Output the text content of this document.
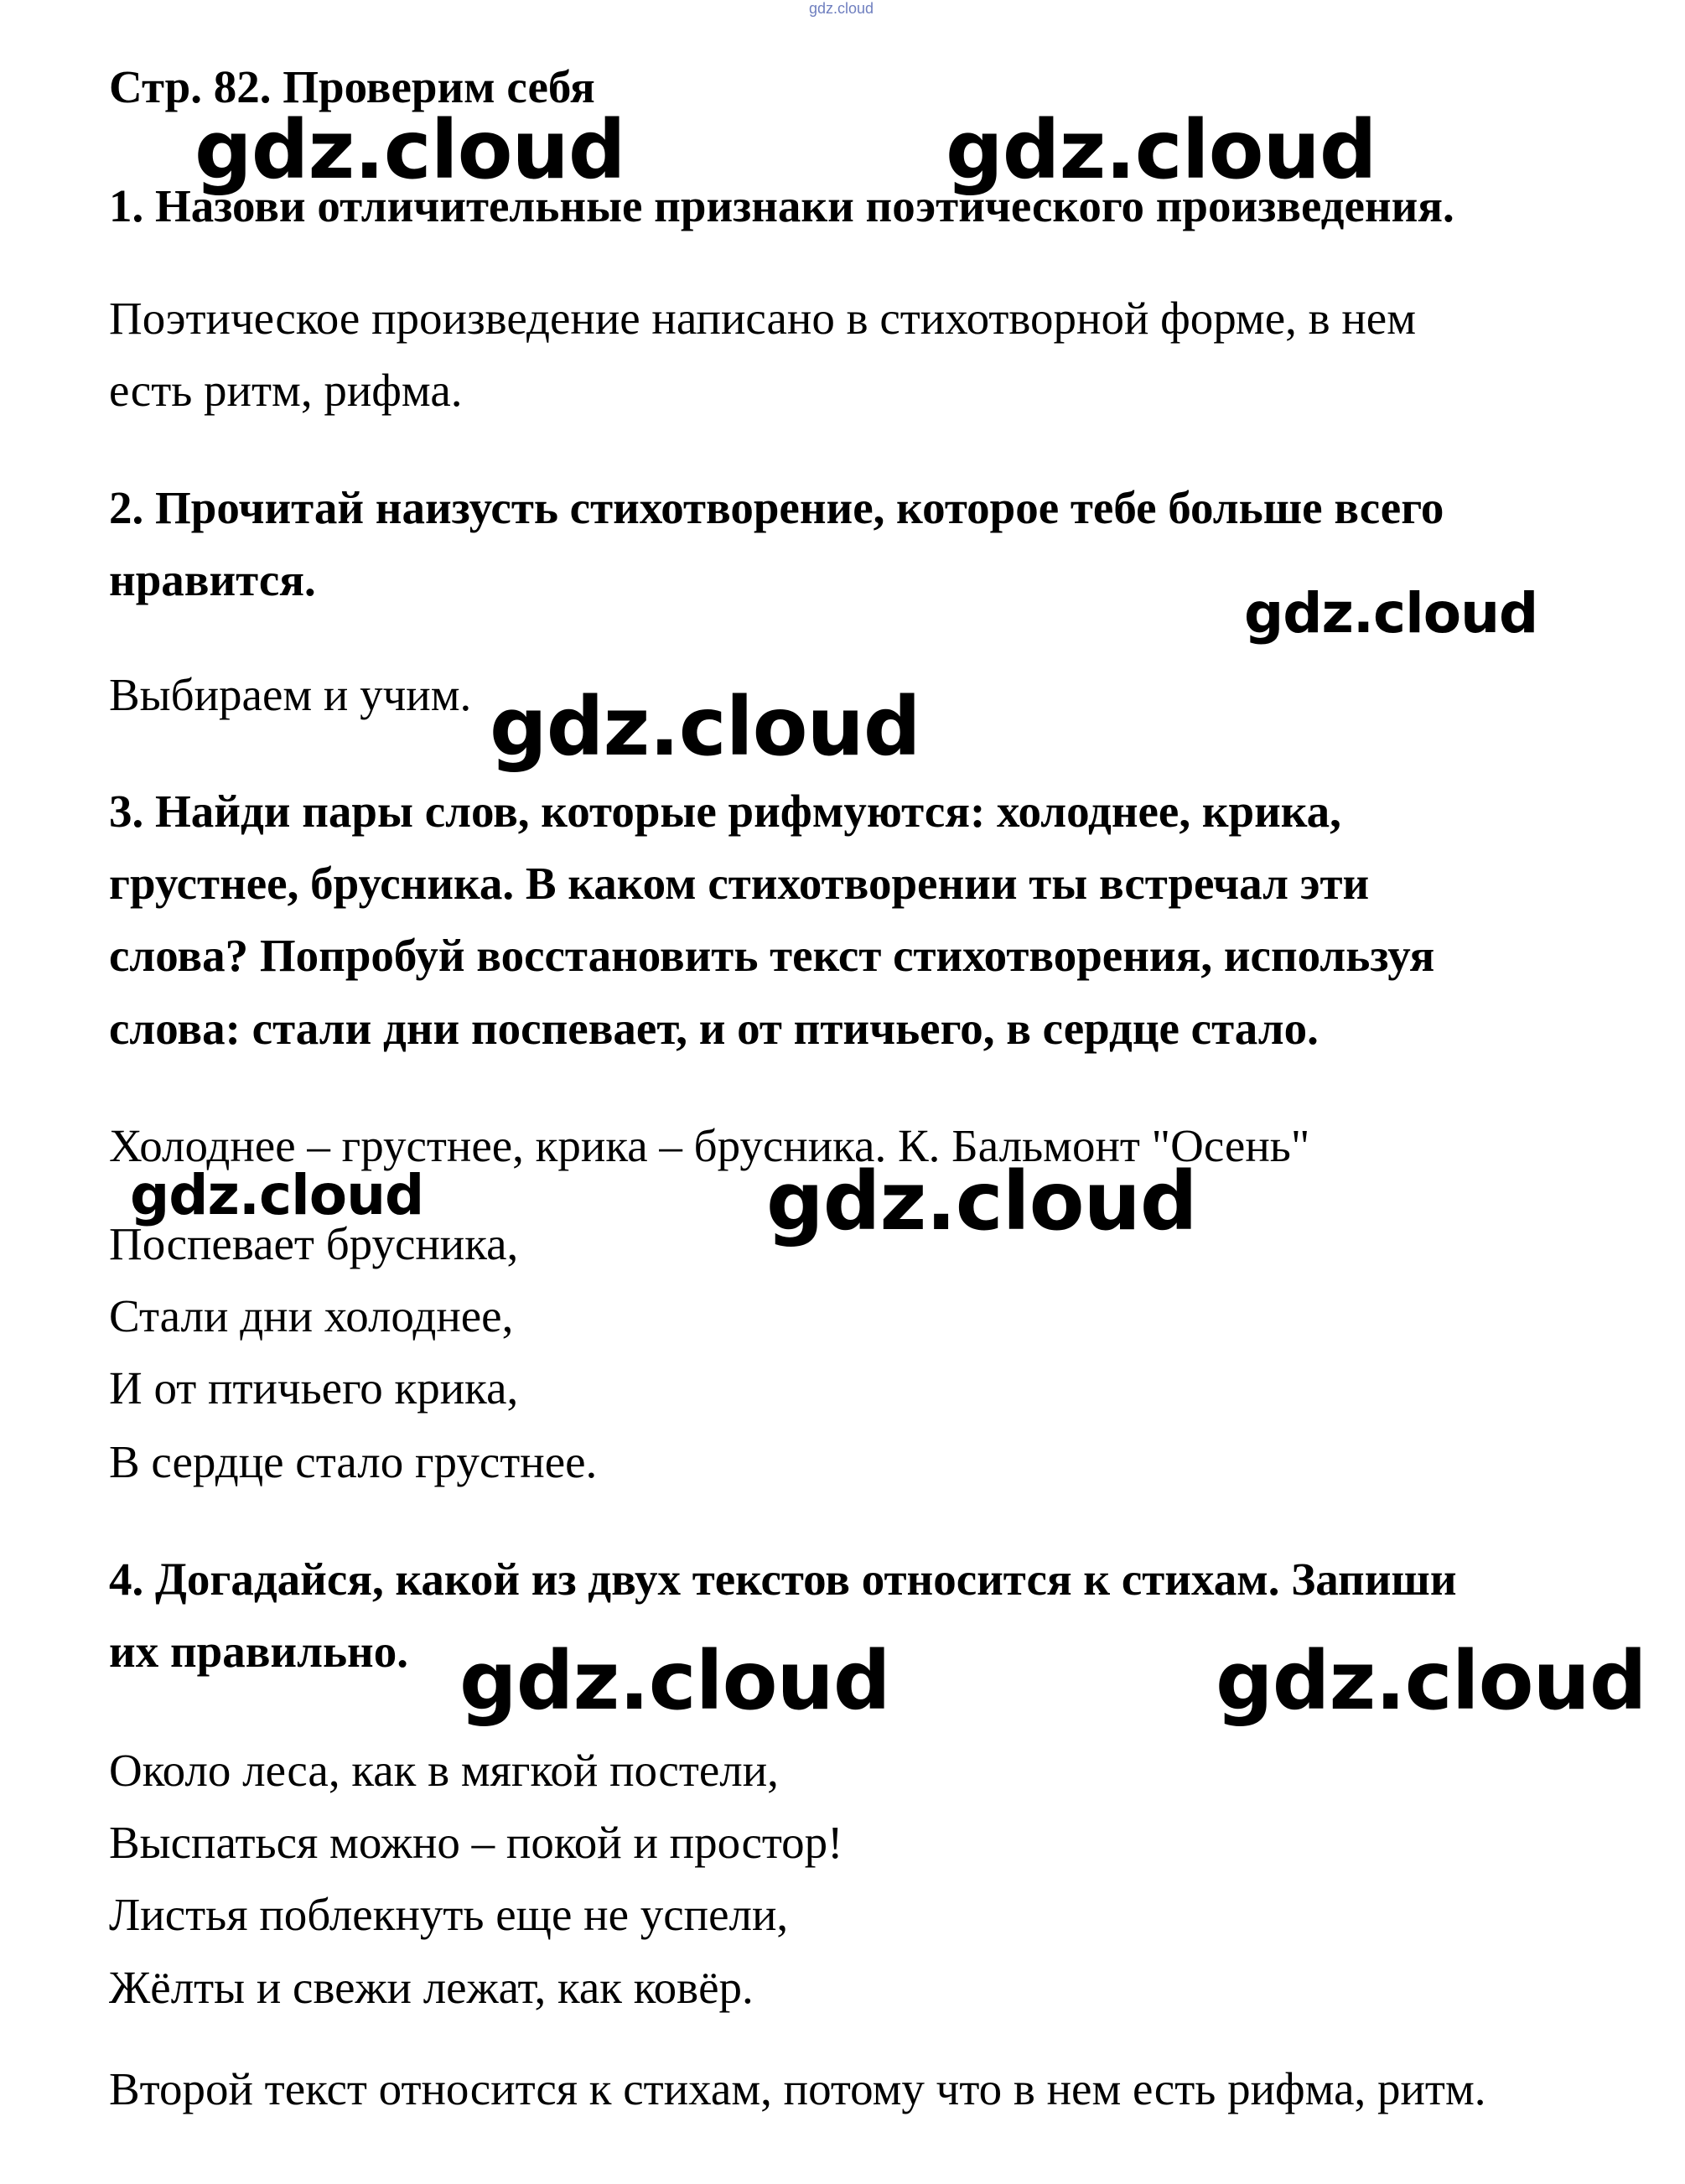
gdz.cloud
Стр. 82. Проверим себя
1. Назови отличительные признаки поэтического произведения.
Поэтическое произведение написано в стихотворной форме, в нем
есть ритм, рифма.
2. Прочитай наизусть стихотворение, которое тебе больше всего
нравится.
Выбираем и учим.
3. Найди пары слов, которые рифмуются: холоднее, крика,
грустнее, брусника. В каком стихотворении ты встречал эти
слова? Попробуй восстановить текст стихотворения, используя
слова: стали дни поспевает, и от птичьего, в сердце стало.
Холоднее – грустнее, крика – брусника. К. Бальмонт "Осень"
Поспевает брусника,
Стали дни холоднее,
И от птичьего крика,
В сердце стало грустнее.
4. Догадайся, какой из двух текстов относится к стихам. Запиши
их правильно.
Около леса, как в мягкой постели,
Выспаться можно – покой и простор!
Листья поблекнуть еще не успели,
Жёлты и свежи лежат, как ковёр.
Второй текст относится к стихам, потому что в нем есть рифма, ритм.
gdz.cloud	gdz.cloud
gdz.cloud
gdz.cloud
gdz.cloud	gdz.cloud
gdz.cloud	gdz.cloud
